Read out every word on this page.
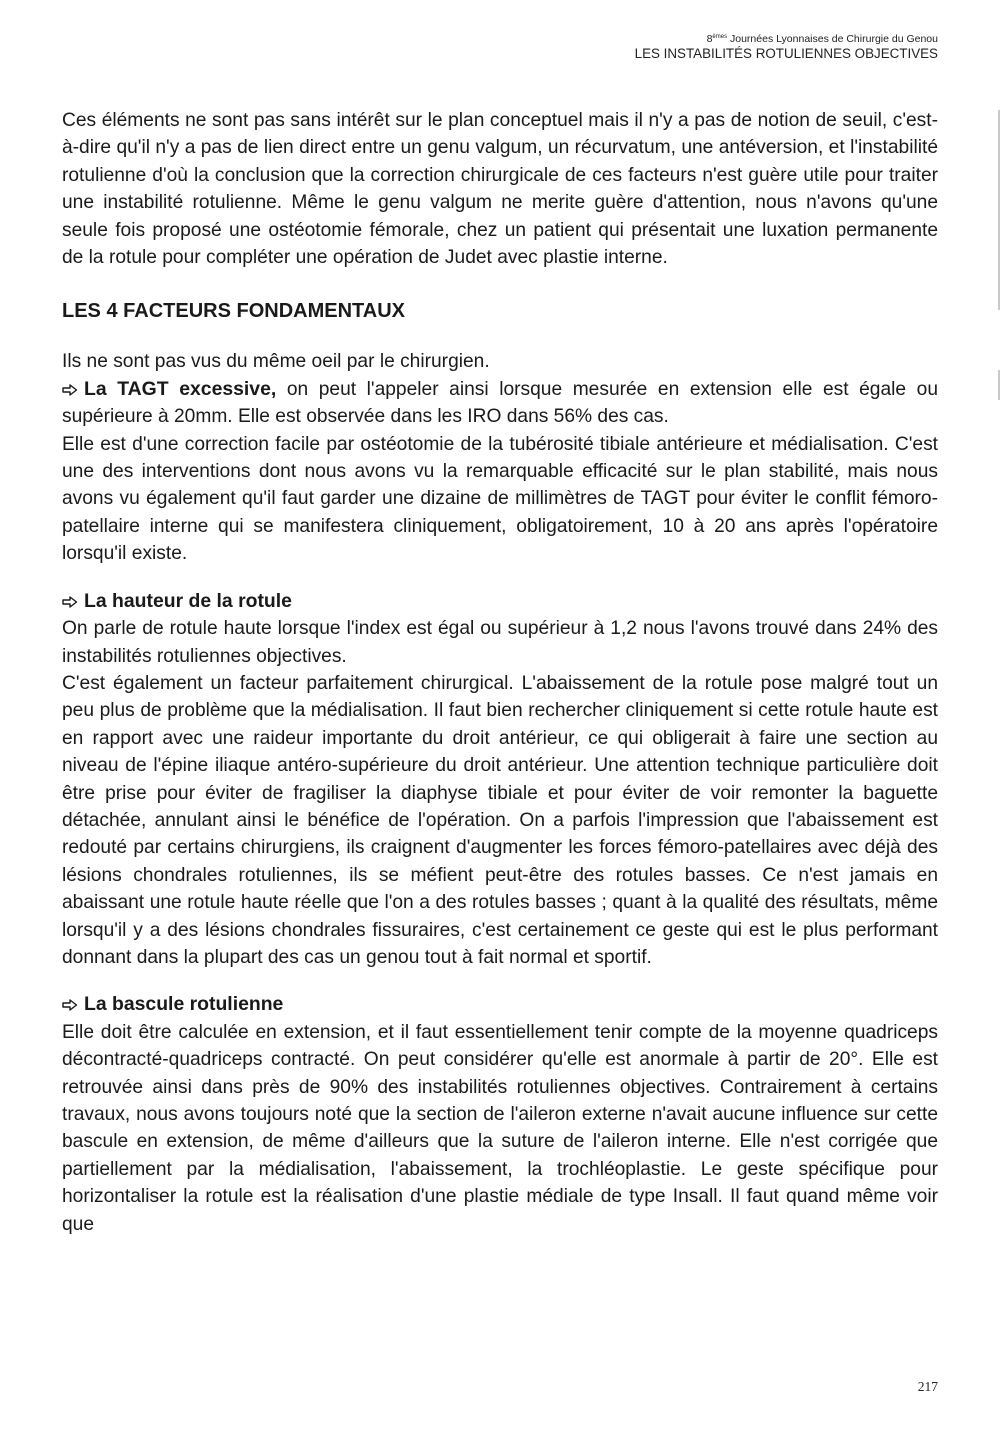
8èmes Journées Lyonnaises de Chirurgie du Genou
LES INSTABILITÉS ROTULIENNES OBJECTIVES

Ces éléments ne sont pas sans intérêt sur le plan conceptuel mais il n'y a pas de notion de seuil, c'est-à-dire qu'il n'y a pas de lien direct entre un genu valgum, un récurvatum, une antéversion, et l'instabilité rotulienne d'où la conclusion que la correction chirurgicale de ces facteurs n'est guère utile pour traiter une instabilité rotulienne. Même le genu valgum ne merite guère d'attention, nous n'avons qu'une seule fois proposé une ostéotomie fémorale, chez un patient qui présentait une luxation permanente de la rotule pour compléter une opération de Judet avec plastie interne.

LES 4 FACTEURS FONDAMENTAUX

Ils ne sont pas vus du même oeil par le chirurgien.

La TAGT excessive, on peut l'appeler ainsi lorsque mesurée en extension elle est égale ou supérieure à 20mm. Elle est observée dans les IRO dans 56% des cas.

Elle est d'une correction facile par ostéotomie de la tubérosité tibiale antérieure et médialisation. C'est une des interventions dont nous avons vu la remarquable efficacité sur le plan stabilité, mais nous avons vu également qu'il faut garder une dizaine de millimètres de TAGT pour éviter le conflit fémoro-patellaire interne qui se manifestera cliniquement, obligatoirement, 10 à 20 ans après l'opératoire lorsqu'il existe.

La hauteur de la rotule

On parle de rotule haute lorsque l'index est égal ou supérieur à 1,2 nous l'avons trouvé dans 24% des instabilités rotuliennes objectives.

C'est également un facteur parfaitement chirurgical. L'abaissement de la rotule pose malgré tout un peu plus de problème que la médialisation. Il faut bien rechercher cliniquement si cette rotule haute est en rapport avec une raideur importante du droit antérieur, ce qui obligerait à faire une section au niveau de l'épine iliaque antéro-supérieure du droit antérieur. Une attention technique particulière doit être prise pour éviter de fragiliser la diaphyse tibiale et pour éviter de voir remonter la baguette détachée, annulant ainsi le bénéfice de l'opération. On a parfois l'impression que l'abaissement est redouté par certains chirurgiens, ils craignent d'augmenter les forces fémoro-patellaires avec déjà des lésions chondrales rotuliennes, ils se méfient peut-être des rotules basses. Ce n'est jamais en abaissant une rotule haute réelle que l'on a des rotules basses ; quant à la qualité des résultats, même lorsqu'il y a des lésions chondrales fissuraires, c'est certainement ce geste qui est le plus performant donnant dans la plupart des cas un genou tout à fait normal et sportif.

La bascule rotulienne

Elle doit être calculée en extension, et il faut essentiellement tenir compte de la moyenne quadriceps décontracté-quadriceps contracté. On peut considérer qu'elle est anormale à partir de 20°. Elle est retrouvée ainsi dans près de 90% des instabilités rotuliennes objectives. Contrairement à certains travaux, nous avons toujours noté que la section de l'aileron externe n'avait aucune influence sur cette bascule en extension, de même d'ailleurs que la suture de l'aileron interne. Elle n'est corrigée que partiellement par la médialisation, l'abaissement, la trochléoplastie. Le geste spécifique pour horizontaliser la rotule est la réalisation d'une plastie médiale de type Insall. Il faut quand même voir que

217
